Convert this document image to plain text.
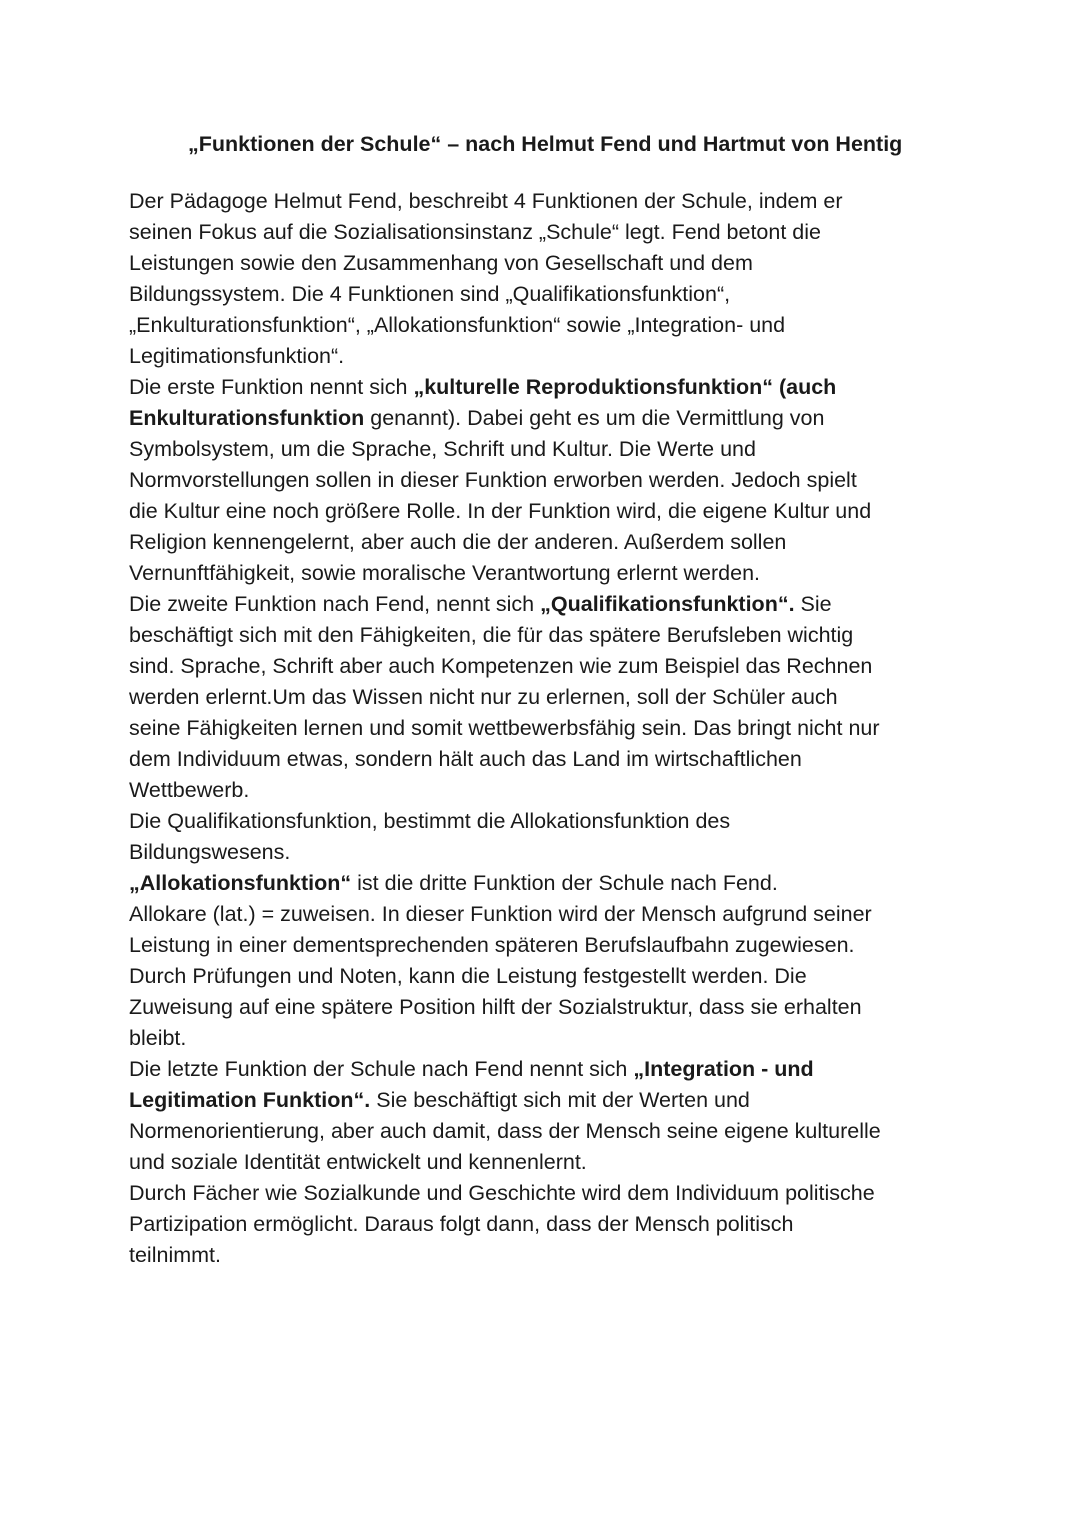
„Funktionen der Schule“ – nach Helmut Fend und Hartmut von Hentig
Der Pädagoge Helmut Fend, beschreibt 4 Funktionen der Schule, indem er
seinen Fokus auf die Sozialisationsinstanz „Schule“ legt. Fend betont die
Leistungen sowie den Zusammenhang von Gesellschaft und dem
Bildungssystem. Die 4 Funktionen sind „Qualifikationsfunktion“,
„Enkulturationsfunktion“, „Allokationsfunktion“ sowie „Integration- und
Legitimationsfunktion“.
Die erste Funktion nennt sich „kulturelle Reproduktionsfunktion“ (auch
Enkulturationsfunktion genannt). Dabei geht es um die Vermittlung von
Symbolsystem, um die Sprache, Schrift und Kultur. Die Werte und
Normvorstellungen sollen in dieser Funktion erworben werden. Jedoch spielt
die Kultur eine noch größere Rolle. In der Funktion wird, die eigene Kultur und
Religion kennengelernt, aber auch die der anderen. Außerdem sollen
Vernunftfähigkeit, sowie moralische Verantwortung erlernt werden.
Die zweite Funktion nach Fend, nennt sich „Qualifikationsfunktion“. Sie
beschäftigt sich mit den Fähigkeiten, die für das spätere Berufsleben wichtig
sind. Sprache, Schrift aber auch Kompetenzen wie zum Beispiel das Rechnen
werden erlernt.Um das Wissen nicht nur zu erlernen, soll der Schüler auch
seine Fähigkeiten lernen und somit wettbewerbsfähig sein. Das bringt nicht nur
dem Individuum etwas, sondern hält auch das Land im wirtschaftlichen
Wettbewerb.
Die Qualifikationsfunktion, bestimmt die Allokationsfunktion des
Bildungswesens.
„Allokationsfunktion“ ist die dritte Funktion der Schule nach Fend.
Allokare (lat.) = zuweisen. In dieser Funktion wird der Mensch aufgrund seiner
Leistung in einer dementsprechenden späteren Berufslaufbahn zugewiesen.
Durch Prüfungen und Noten, kann die Leistung festgestellt werden. Die
Zuweisung auf eine spätere Position hilft der Sozialstruktur, dass sie erhalten
bleibt.
Die letzte Funktion der Schule nach Fend nennt sich „Integration - und
Legitimation Funktion“. Sie beschäftigt sich mit der Werten und
Normenorientierung, aber auch damit, dass der Mensch seine eigene kulturelle
und soziale Identität entwickelt und kennenlernt.
Durch Fächer wie Sozialkunde und Geschichte wird dem Individuum politische
Partizipation ermöglicht. Daraus folgt dann, dass der Mensch politisch
teilnimmt.
